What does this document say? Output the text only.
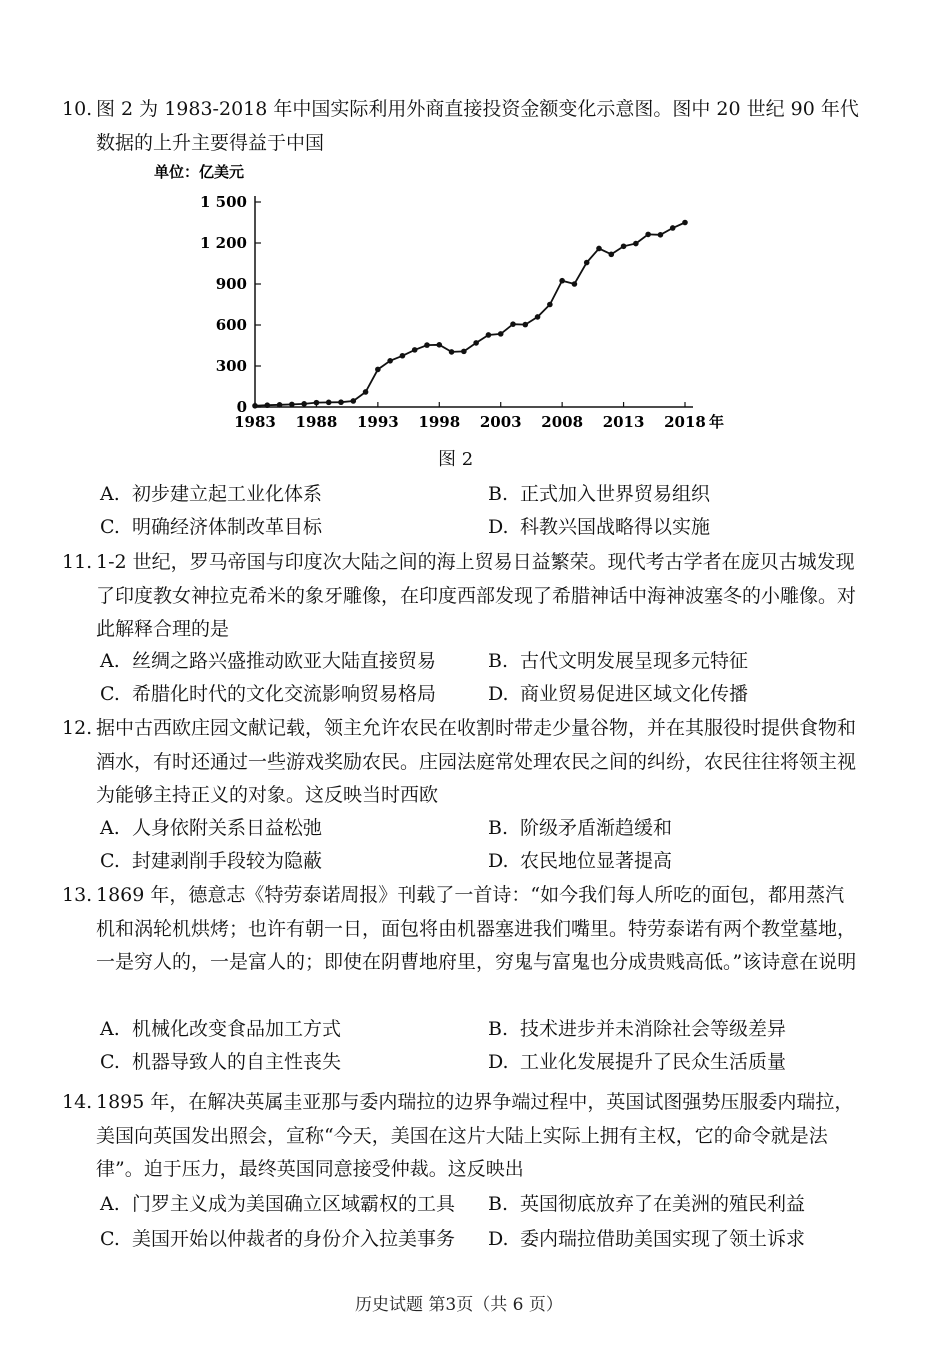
10. 图 2 为 1983-2018 年中国实际利用外商直接投资金额变化示意图。图中 20 世纪 90 年代数据的上升主要得益于中国
单位：亿美元
0
300
600
900
1 200
1 500
1983 1988 1993 1998 2003 2008 2013 2018 年
图 2
A. 初步建立起工业化体系	B. 正式加入世界贸易组织
C. 明确经济体制改革目标	D. 科教兴国战略得以实施
11. 1-2 世纪，罗马帝国与印度次大陆之间的海上贸易日益繁荣。现代考古学者在庞贝古城发现了印度教女神拉克希米的象牙雕像，在印度西部发现了希腊神话中海神波塞冬的小雕像。对此解释合理的是
A. 丝绸之路兴盛推动欧亚大陆直接贸易	B. 古代文明发展呈现多元特征
C. 希腊化时代的文化交流影响贸易格局	D. 商业贸易促进区域文化传播
12. 据中古西欧庄园文献记载，领主允许农民在收割时带走少量谷物，并在其服役时提供食物和酒水，有时还通过一些游戏奖励农民。庄园法庭常处理农民之间的纠纷，农民往往将领主视为能够主持正义的对象。这反映当时西欧
A. 人身依附关系日益松弛	B. 阶级矛盾渐趋缓和
C. 封建剥削手段较为隐蔽	D. 农民地位显著提高
13. 1869 年，德意志《特劳泰诺周报》刊载了一首诗：“如今我们每人所吃的面包，都用蒸汽机和涡轮机烘烤；也许有朝一日，面包将由机器塞进我们嘴里。特劳泰诺有两个教堂墓地，一是穷人的，一是富人的；即使在阴曹地府里，穷鬼与富鬼也分成贵贱高低。”该诗意在说明
A. 机械化改变食品加工方式	B. 技术进步并未消除社会等级差异
C. 机器导致人的自主性丧失	D. 工业化发展提升了民众生活质量
14. 1895 年，在解决英属圭亚那与委内瑞拉的边界争端过程中，英国试图强势压服委内瑞拉，美国向英国发出照会，宣称“今天，美国在这片大陆上实际上拥有主权，它的命令就是法律”。迫于压力，最终英国同意接受仲裁。这反映出
A. 门罗主义成为美国确立区域霸权的工具 B. 英国彻底放弃了在美洲的殖民利益
C. 美国开始以仲裁者的身份介入拉美事务 D. 委内瑞拉借助美国实现了领土诉求
历史试题 第3页（共 6 页）
